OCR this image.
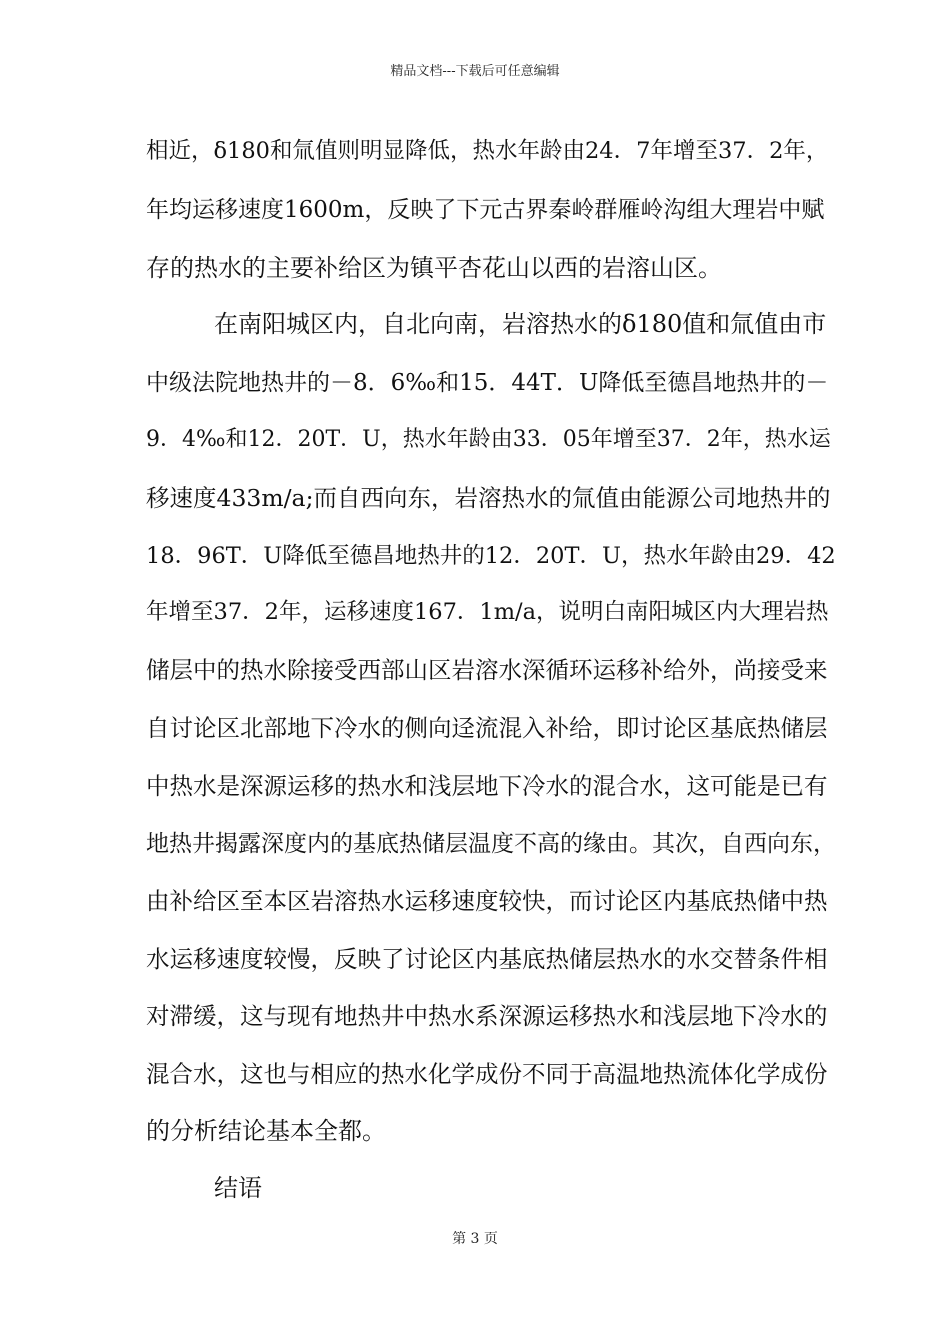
精品文档---下载后可任意编辑
相近，δ180和氚值则明显降低，热水年龄由24．7年增至37．2年，
年均运移速度1600m，反映了下元古界秦岭群雁岭沟组大理岩中赋
存的热水的主要补给区为镇平杏花山以西的岩溶山区。
在南阳城区内，自北向南，岩溶热水的δ180值和氚值由市
中级法院地热井的－8．6‰和15．44T．U降低至德昌地热井的－
9．4‰和12．20T．U，热水年龄由33．05年增至37．2年，热水运
移速度433m/a;而自西向东，岩溶热水的氚值由能源公司地热井的
18．96T．U降低至德昌地热井的12．20T．U，热水年龄由29．42
年增至37．2年，运移速度167．1m/a，说明白南阳城区内大理岩热
储层中的热水除接受西部山区岩溶水深循环运移补给外，尚接受来
自讨论区北部地下冷水的侧向迳流混入补给，即讨论区基底热储层
中热水是深源运移的热水和浅层地下冷水的混合水，这可能是已有
地热井揭露深度内的基底热储层温度不高的缘由。其次，自西向东，
由补给区至本区岩溶热水运移速度较快，而讨论区内基底热储中热
水运移速度较慢，反映了讨论区内基底热储层热水的水交替条件相
对滞缓，这与现有地热井中热水系深源运移热水和浅层地下冷水的
混合水，这也与相应的热水化学成份不同于高温地热流体化学成份
的分析结论基本全都。
结语
第 3 页
